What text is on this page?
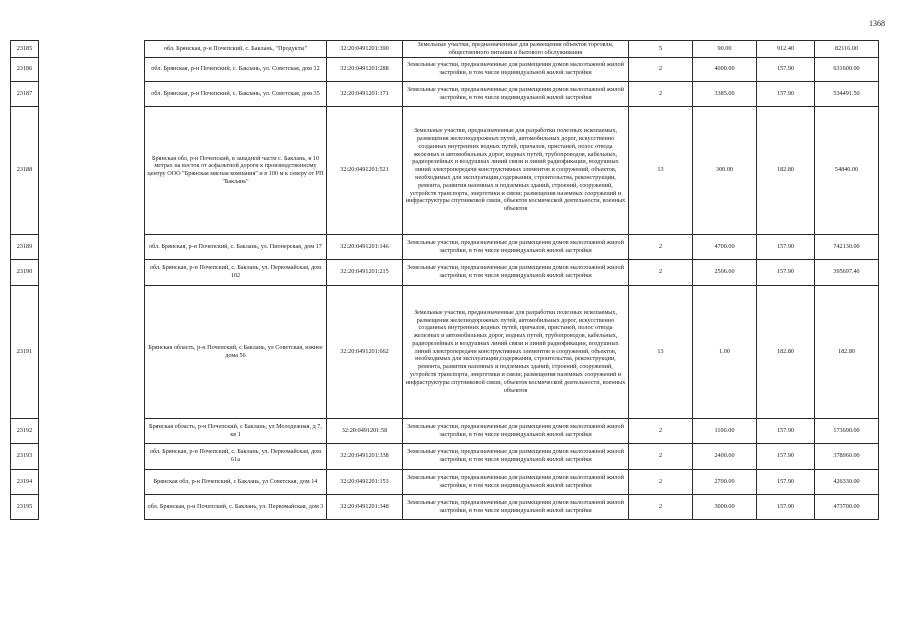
1368
23185		обл. Брянская, р-н Почепский, с. Баклань, "Продукты"	32:20:0491201:390	Земельные участки, предназначенные для размещения объектов торговли, общественного питания и бытового обслуживания	5	90.00	912.40	82116.00
23186		обл. Брянская, р-н Почепский, с. Баклань, ул. Советская, дом 12	32:20:0491201:288	Земельные участки, предназначенные для размещения домов малоэтажной жилой застройки, в том числе индивидуальной жилой застройки	2	4000.00	157.90	631600.00
23187		обл. Брянская, р-н Почепский, с. Баклань, ул. Советская, дом 35	32:20:0491201:171	Земельные участки, предназначенные для размещения домов малоэтажной жилой застройки, в том числе индивидуальной жилой застройки	2	3385.00	157.90	534491.50
23188		Брянская обл, р-н Почепский, в западной части с. Баклань, в 10 метрах на восток от асфальтной дороги к производственному центру ООО "Брянская мясная компания" и в 100 м к северу от РП "Баклань"	32:20:0491201:521	Земельные участки, предназначенные для разработки полезных ископаемых, размещения железнодорожных путей, автомобильных дорог, искусственно созданных внутренних водных путей, причалов, пристаней, полос отвода железных и автомобильных дорог, водных путей, трубопроводов, кабельных, радиорелейных и воздушных линий связи и линий радиофикации, воздушных линий электропередачи конструктивных элементов и сооружений, объектов, необходимых для эксплуатации,содержания, строительства, реконструкции, ремонта, развития наземных и подземных зданий, строений, сооружений, устройств транспорта, энергетики и связи; размещения наземных сооружений и инфраструктуры спутниковой связи, объектов космической деятельности, военных объектов	13	300.00	182.80	54840.00
23189		обл. Брянская, р-н Почепский, с. Баклань, ул. Пионерская, дом 17	32:20:0491201:146	Земельные участки, предназначенные для размещения домов малоэтажной жилой застройки, в том числе индивидуальной жилой застройки	2	4700.00	157.90	742130.00
23190		обл. Брянская, р-н Почепский, с. Баклань, ул. Первомайская, дом 102	32:20:0491201:215	Земельные участки, предназначенные для размещения домов малоэтажной жилой застройки, в том числе индивидуальной жилой застройки	2	2506.00	157.90	395697.40
23191		Брянская область, р-н Почепский, с Баклань, ул Советская, южнее дома 56	32:20:0491201:662	Земельные участки, предназначенные для разработки полезных ископаемых, размещения железнодорожных путей, автомобильных дорог, искусственно созданных внутренних водных путей, причалов, пристаней, полос отвода железных и автомобильных дорог, водных путей, трубопроводов, кабельных, радиорелейных и воздушных линий связи и линий радиофикации, воздушных линий электропередачи конструктивных элементов и сооружений, объектов, необходимых для эксплуатации,содержания, строительства, реконструкции, ремонта, развития наземных и подземных зданий, строений, сооружений, устройств транспорта, энергетики и связи; размещения наземных сооружений и инфраструктуры спутниковой связи, объектов космической деятельности, военных объектов	13	1.00	182.80	182.80
23192		Брянская область, р-н Почепский, с Баклань, ул Молодежная, д 7, кв 1	32:20:0491201:58	Земельные участки, предназначенные для размещения домов малоэтажной жилой застройки, в том числе индивидуальной жилой застройки	2	1100.00	157.90	173690.00
23193		обл. Брянская, р-н Почепский, с. Баклань, ул. Первомайская, дом 61а	32:20:0491201:338	Земельные участки, предназначенные для размещения домов малоэтажной жилой застройки, в том числе индивидуальной жилой застройки	2	2400.00	157.90	378960.00
23194		Брянская обл, р-н Почепский, с Баклань, ул Советская, дом 14	32:20:0491201:153	Земельные участки, предназначенные для размещения домов малоэтажной жилой застройки, в том числе индивидуальной жилой застройки	2	2700.00	157.90	426330.00
23195		обл. Брянская, р-н Почепский, с. Баклань, ул. Первомайская, дом 3	32:20:0491201:348	Земельные участки, предназначенные для размещения домов малоэтажной жилой застройки, в том числе индивидуальной жилой застройки	2	3000.00	157.90	473700.00
